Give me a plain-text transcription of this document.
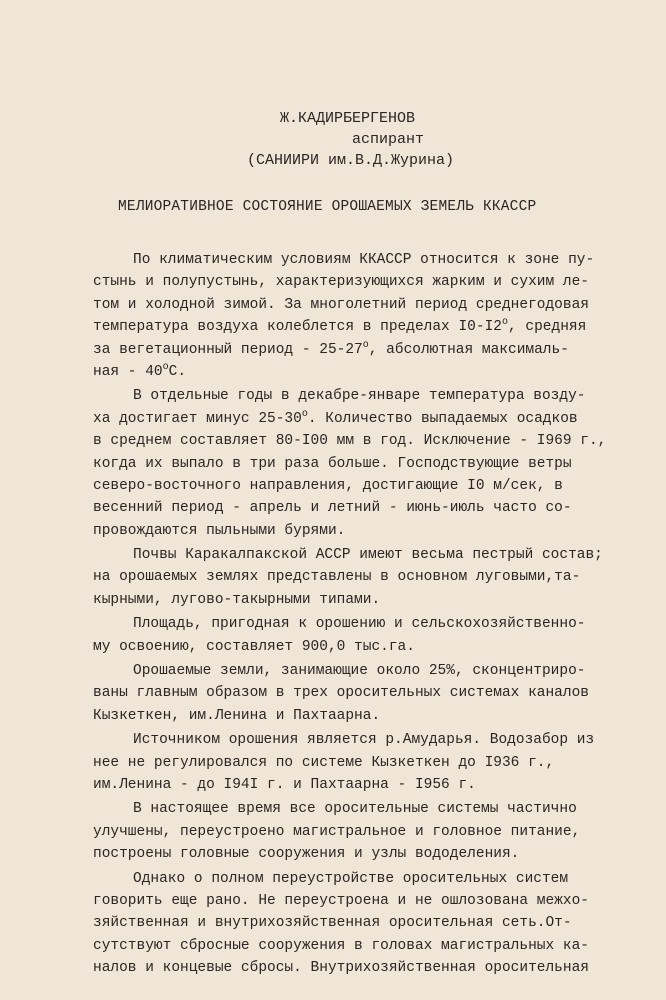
Ж.КАДИРБЕРГЕНОВ
аспирант
(САНИИРИ им.В.Д.Журина)
МЕЛИОРАТИВНОЕ СОСТОЯНИЕ ОРОШАЕМЫХ ЗЕМЕЛЬ ККАССР
По климатическим условиям ККАССР относится к зоне пу-
стынь и полупустынь, характеризующихся жарким и сухим ле-
том и холодной зимой. За многолетний период среднегодовая
температура воздуха колеблется в пределах I0-I2$^o$, средняя
за вегетационный период - 25-27$^o$, абсолютная максималь-
ная - 40$^o$С.
В отдельные годы в декабре-январе температура возду-
ха достигает минус 25-30$^o$. Количество выпадаемых осадков
в среднем составляет 80-I00 мм в год. Исключение - I969 г.,
когда их выпало в три раза больше. Господствующие ветры
северо-восточного направления, достигающие I0 м/сек, в
весенний период - апрель и летний - июнь-июль часто со-
провождаются пыльными бурями.
Почвы Каракалпакской АССР имеют весьма пестрый состав;
на орошаемых землях представлены в основном луговыми,та-
кырными, лугово-такырными типами.
Площадь, пригодная к орошению и сельскохозяйственно-
му освоению, составляет 900,0 тыс.га.
Орошаемые земли, занимающие около 25%, сконцентриро-
ваны главным образом в трех оросительных системах каналов
Кызкеткен, им.Ленина и Пахтаарна.
Источником орошения является р.Амударья. Водозабор из
нее не регулировался по системе Кызкеткен до I936 г.,
им.Ленина - до I94I г. и Пахтаарна - I956 г.
В настоящее время все оросительные системы частично
улучшены, переустроено магистральное и головное питание,
построены головные сооружения и узлы вододеления.
Однако о полном переустройстве оросительных систем
говорить еще рано. Не переустроена и не ошлозована межхо-
зяйственная и внутрихозяйственная оросительная сеть.От-
сутствуют сбросные сооружения в головах магистральных ка-
налов и концевые сбросы. Внутрихозяйственная оросительная
